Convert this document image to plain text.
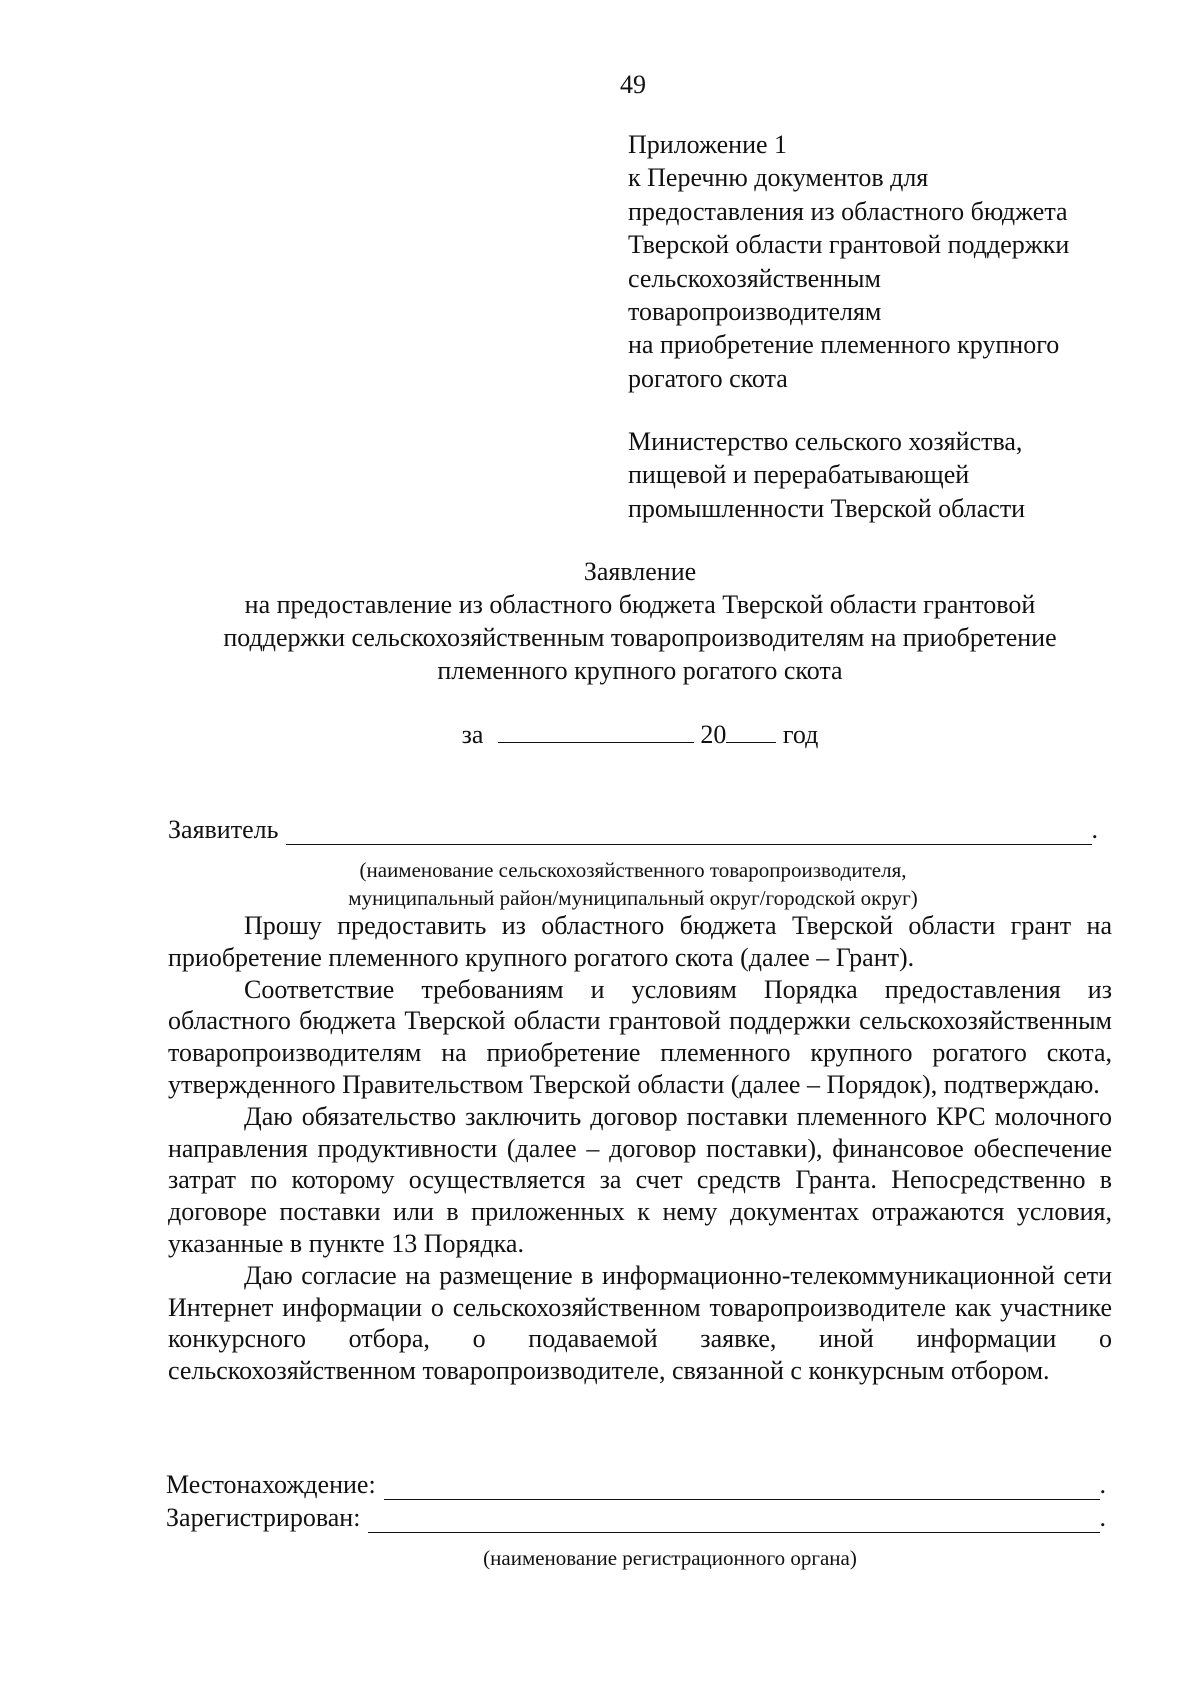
49
Приложение 1
к Перечню документов для
предоставления из областного бюджета
Тверской области грантовой поддержки
сельскохозяйственным
товаропроизводителям
на приобретение племенного крупного
рогатого скота
Министерство сельского хозяйства,
пищевой и перерабатывающей
промышленности Тверской области
Заявление
на предоставление из областного бюджета Тверской области грантовой
поддержки сельскохозяйственным товаропроизводителям на приобретение
племенного крупного рогатого скота
за	20 год
Заявитель	.
(наименование сельскохозяйственного товаропроизводителя,
муниципальный район/муниципальный округ/городской округ)

Прошу предоставить из областного бюджета Тверской области грант на приобретение племенного крупного рогатого скота (далее – Грант).

Соответствие требованиям и условиям Порядка предоставления из областного бюджета Тверской области грантовой поддержки сельскохозяйственным товаропроизводителям на приобретение племенного крупного рогатого скота, утвержденного Правительством Тверской области (далее – Порядок), подтверждаю.

Даю обязательство заключить договор поставки племенного КРС молочного направления продуктивности (далее – договор поставки), финансовое обеспечение затрат по которому осуществляется за счет средств Гранта. Непосредственно в договоре поставки или в приложенных к нему документах отражаются условия, указанные в пункте 13 Порядка.

Даю согласие на размещение в информационно-телекоммуникационной сети Интернет информации о сельскохозяйственном товаропроизводителе как участнике конкурсного отбора, о подаваемой заявке, иной информации о сельскохозяйственном товаропроизводителе, связанной с конкурсным отбором.

Местонахождение:	.
Зарегистрирован:	.
(наименование регистрационного органа)
